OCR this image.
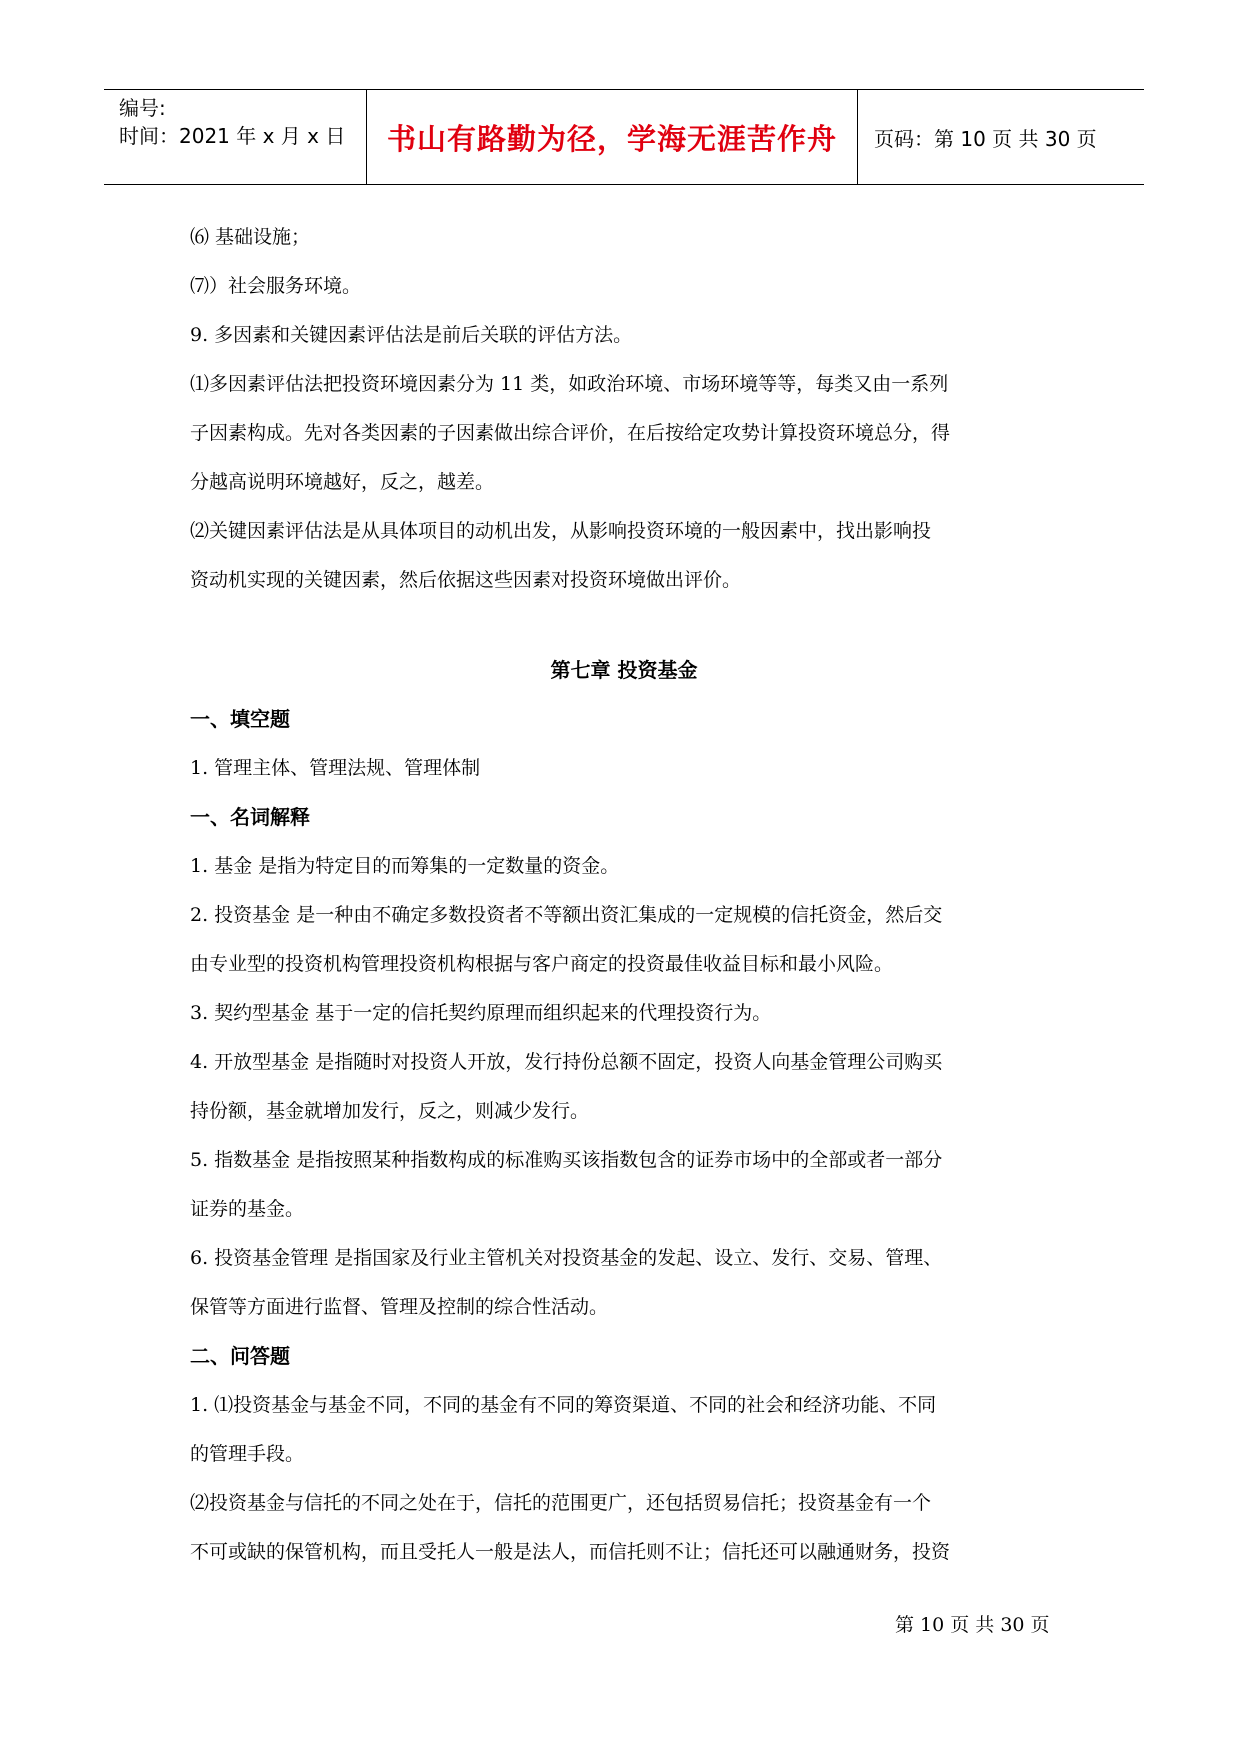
编号:
时间：2021 年 x 月 x 日 书山有路勤为径，学海无涯苦作舟 页码：第 10 页 共 30 页
⑹ 基础设施；
⑺）社会服务环境。
9. 多因素和关键因素评估法是前后关联的评估方法。
⑴多因素评估法把投资环境因素分为 11 类，如政治环境、市场环境等等，每类又由一系列
子因素构成。先对各类因素的子因素做出综合评价，在后按给定攻势计算投资环境总分，得
分越高说明环境越好，反之，越差。
⑵关键因素评估法是从具体项目的动机出发，从影响投资环境的一般因素中，找出影响投
资动机实现的关键因素，然后依据这些因素对投资环境做出评价。
第七章 投资基金
一、填空题
1. 管理主体、管理法规、管理体制
一、名词解释
1. 基金 是指为特定目的而筹集的一定数量的资金。
2. 投资基金 是一种由不确定多数投资者不等额出资汇集成的一定规模的信托资金，然后交
由专业型的投资机构管理投资机构根据与客户商定的投资最佳收益目标和最小风险。
3. 契约型基金 基于一定的信托契约原理而组织起来的代理投资行为。
4. 开放型基金 是指随时对投资人开放，发行持份总额不固定，投资人向基金管理公司购买
持份额，基金就增加发行，反之，则减少发行。
5. 指数基金 是指按照某种指数构成的标准购买该指数包含的证券市场中的全部或者一部分
证券的基金。
6. 投资基金管理 是指国家及行业主管机关对投资基金的发起、设立、发行、交易、管理、
保管等方面进行监督、管理及控制的综合性活动。
二、问答题
1. ⑴投资基金与基金不同，不同的基金有不同的筹资渠道、不同的社会和经济功能、不同
的管理手段。
⑵投资基金与信托的不同之处在于，信托的范围更广，还包括贸易信托；投资基金有一个
不可或缺的保管机构，而且受托人一般是法人，而信托则不让；信托还可以融通财务，投资
第 10 页 共 30 页
